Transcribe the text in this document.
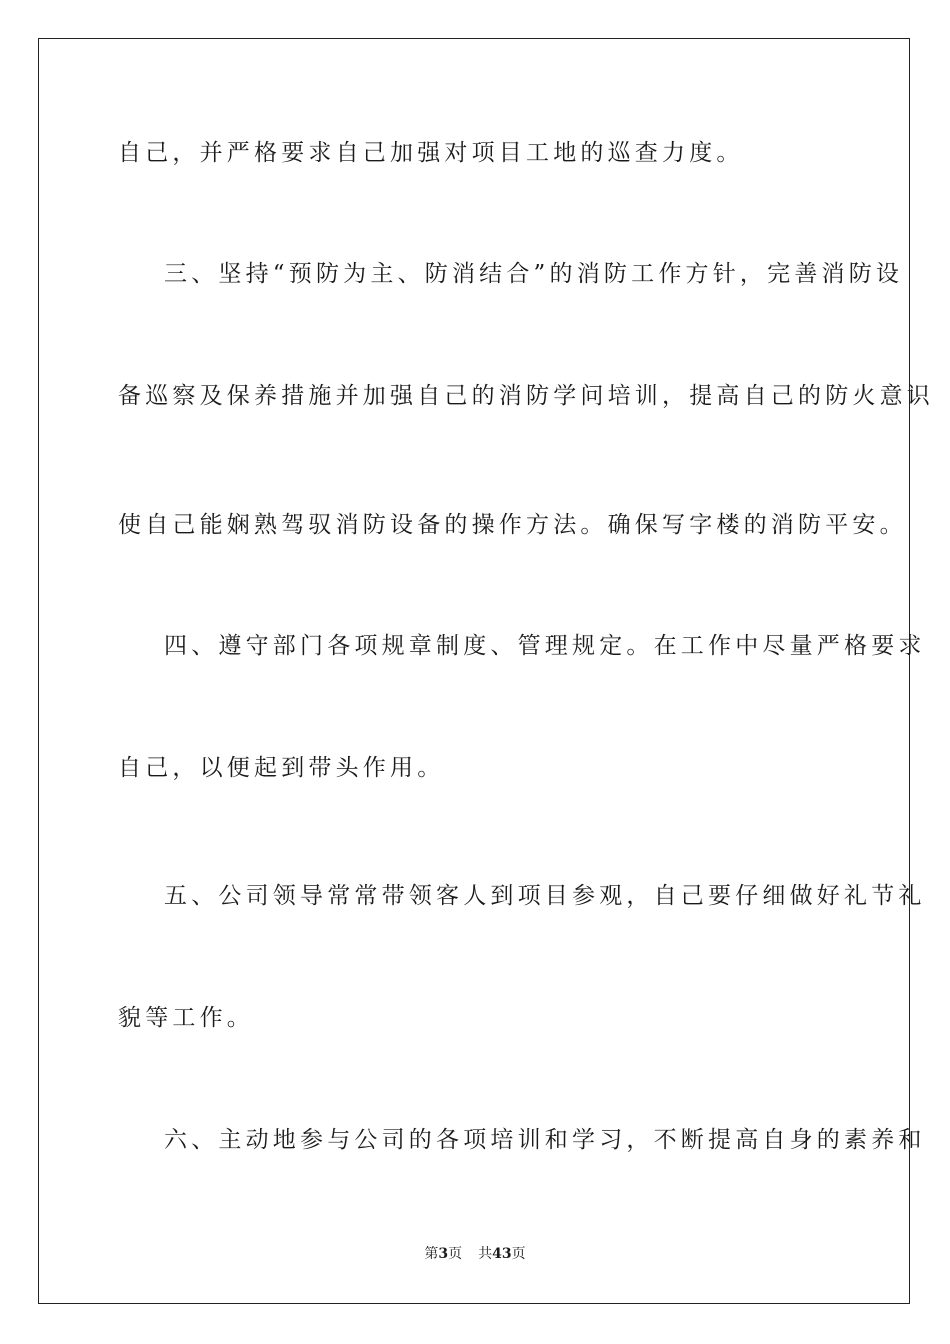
自己，并严格要求自己加强对项目工地的巡查力度。
三、坚持“预防为主、防消结合”的消防工作方针，完善消防设
备巡察及保养措施并加强自己的消防学问培训，提高自己的防火意识
使自己能娴熟驾驭消防设备的操作方法。确保写字楼的消防平安。
四、遵守部门各项规章制度、管理规定。在工作中尽量严格要求
自己，以便起到带头作用。
五、公司领导常常带领客人到项目参观，自己要仔细做好礼节礼
貌等工作。
六、主动地参与公司的各项培训和学习，不断提高自身的素养和
第3页 共43页
